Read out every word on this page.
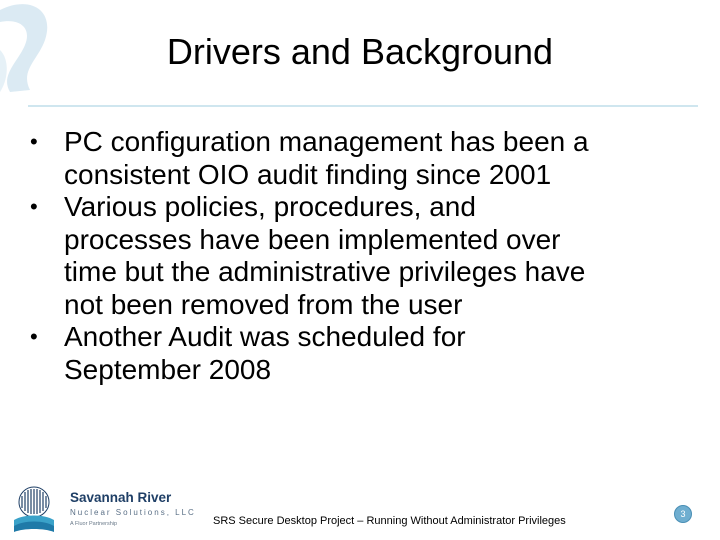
Drivers and Background
• PC configuration management has been a
consistent OIO audit finding since 2001
• Various policies, procedures, and
processes have been implemented over
time but the administrative privileges have
not been removed from the user
• Another Audit was scheduled for
September 2008
Savannah River
Nuclear Solutions, LLC
A Fluor Partnership	SRS Secure Desktop Project – Running Without Administrator Privileges
3
